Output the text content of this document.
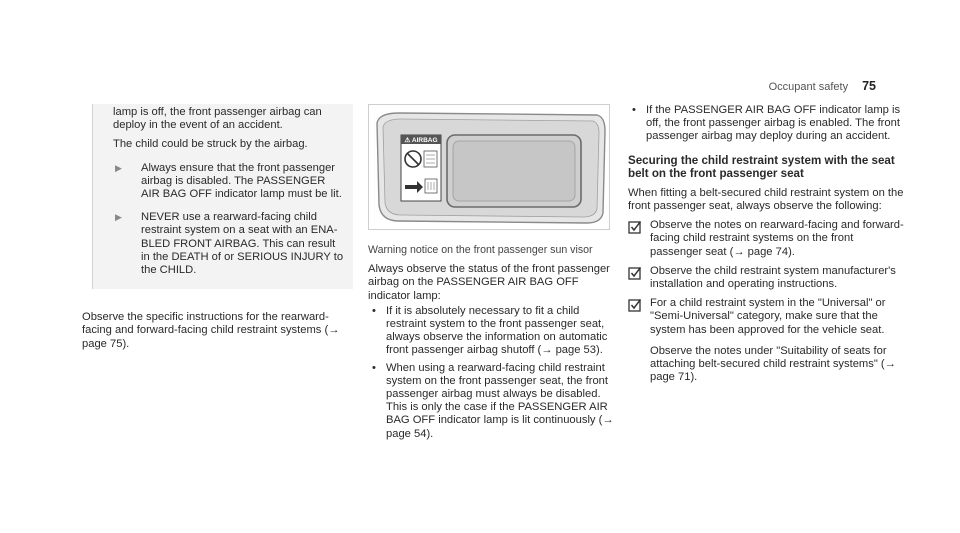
Occupant safety 75

lamp is off, the front passenger airbag can deploy in the event of an accident.

The child could be struck by the airbag.

▶	Always ensure that the front passenger airbag is disabled. The PASSENGER AIR BAG OFF indicator lamp must be lit.
▶	NEVER use a rearward-facing child restraint system on a seat with an ENABLED FRONT AIRBAG. This can result in the DEATH of or SERIOUS INJURY to the CHILD.

Observe the specific instructions for the rearward-facing and forward-facing child restraint systems (→ page 75).

⚠ AIRBAG

Warning notice on the front passenger sun visor

Always observe the status of the front passenger airbag on the PASSENGER AIR BAG OFF indicator lamp:

• If it is absolutely necessary to fit a child restraint system to the front passenger seat, always observe the information on automatic front passenger airbag shutoff (→ page 53).
• When using a rearward-facing child restraint system on the front passenger seat, the front passenger airbag must always be disabled. This is only the case if the PASSENGER AIR BAG OFF indicator lamp is lit continuously (→ page 54).
• If the PASSENGER AIR BAG OFF indicator lamp is off, the front passenger airbag is enabled. The front passenger airbag may deploy during an accident.
Securing the child restraint system with the seat belt on the front passenger seat

When fitting a belt-secured child restraint system on the front passenger seat, always observe the following:

Observe the notes on rearward-facing and forward-facing child restraint systems on the front passenger seat (→ page 74).
Observe the child restraint system manufacturer's installation and operating instructions.

For a child restraint system in the "Universal" or "Semi-Universal" category, make sure that the system has been approved for the vehicle seat.

Observe the notes under "Suitability of seats for attaching belt-secured child restraint systems" (→ page 71).
